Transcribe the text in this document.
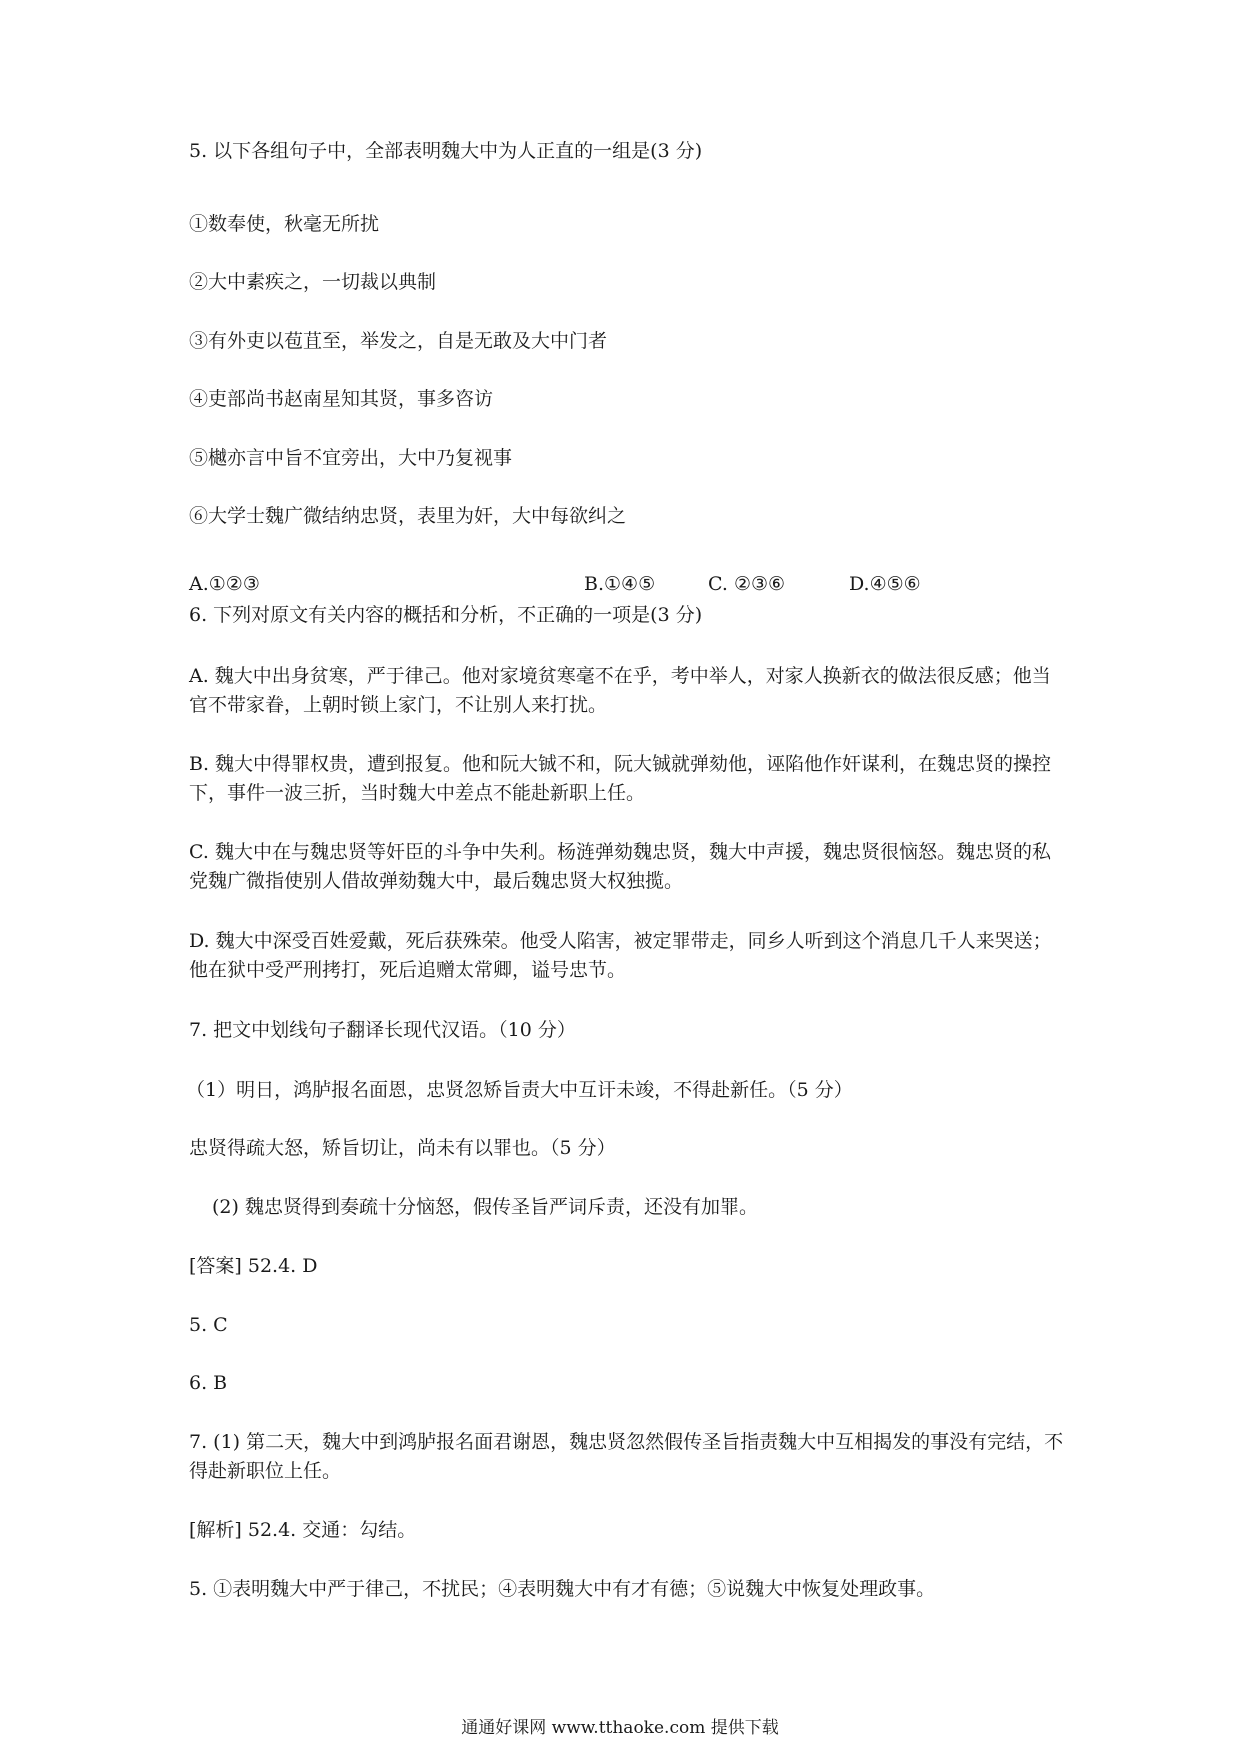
5. 以下各组句子中，全部表明魏大中为人正直的一组是(3 分)
①数奉使，秋毫无所扰
②大中素疾之，一切裁以典制
③有外吏以苞苴至，举发之，自是无敢及大中门者
④吏部尚书赵南星知其贤，事多咨访
⑤樾亦言中旨不宜旁出，大中乃复视事
⑥大学士魏广微结纳忠贤，表里为奸，大中每欲纠之
A.①②③	B.①④⑤	C. ②③⑥	D.④⑤⑥
6. 下列对原文有关内容的概括和分析，不正确的一项是(3 分)
A. 魏大中出身贫寒，严于律己。他对家境贫寒毫不在乎，考中举人，对家人换新衣的做法很反感；他当官不带家眷，上朝时锁上家门，不让别人来打扰。
B. 魏大中得罪权贵，遭到报复。他和阮大铖不和，阮大铖就弹劾他，诬陷他作奸谋利，在魏忠贤的操控下，事件一波三折，当时魏大中差点不能赴新职上任。
C. 魏大中在与魏忠贤等奸臣的斗争中失利。杨涟弹劾魏忠贤，魏大中声援，魏忠贤很恼怒。魏忠贤的私党魏广微指使别人借故弹劾魏大中，最后魏忠贤大权独揽。
D. 魏大中深受百姓爱戴，死后获殊荣。他受人陷害，被定罪带走，同乡人听到这个消息几千人来哭送；他在狱中受严刑拷打，死后追赠太常卿，谥号忠节。
7. 把文中划线句子翻译长现代汉语。（10 分）
（1）明日，鸿胪报名面恩，忠贤忽矫旨责大中互讦未竣，不得赴新任。（5 分）
忠贤得疏大怒，矫旨切让，尚未有以罪也。（5 分）
(2) 魏忠贤得到奏疏十分恼怒，假传圣旨严词斥责，还没有加罪。
[答案] 52.4. D
5. C
6. B
7. (1) 第二天，魏大中到鸿胪报名面君谢恩，魏忠贤忽然假传圣旨指责魏大中互相揭发的事没有完结，不得赴新职位上任。
[解析] 52.4. 交通：勾结。
5. ①表明魏大中严于律己，不扰民；④表明魏大中有才有德；⑤说魏大中恢复处理政事。
通通好课网 www.tthaoke.com 提供下载
